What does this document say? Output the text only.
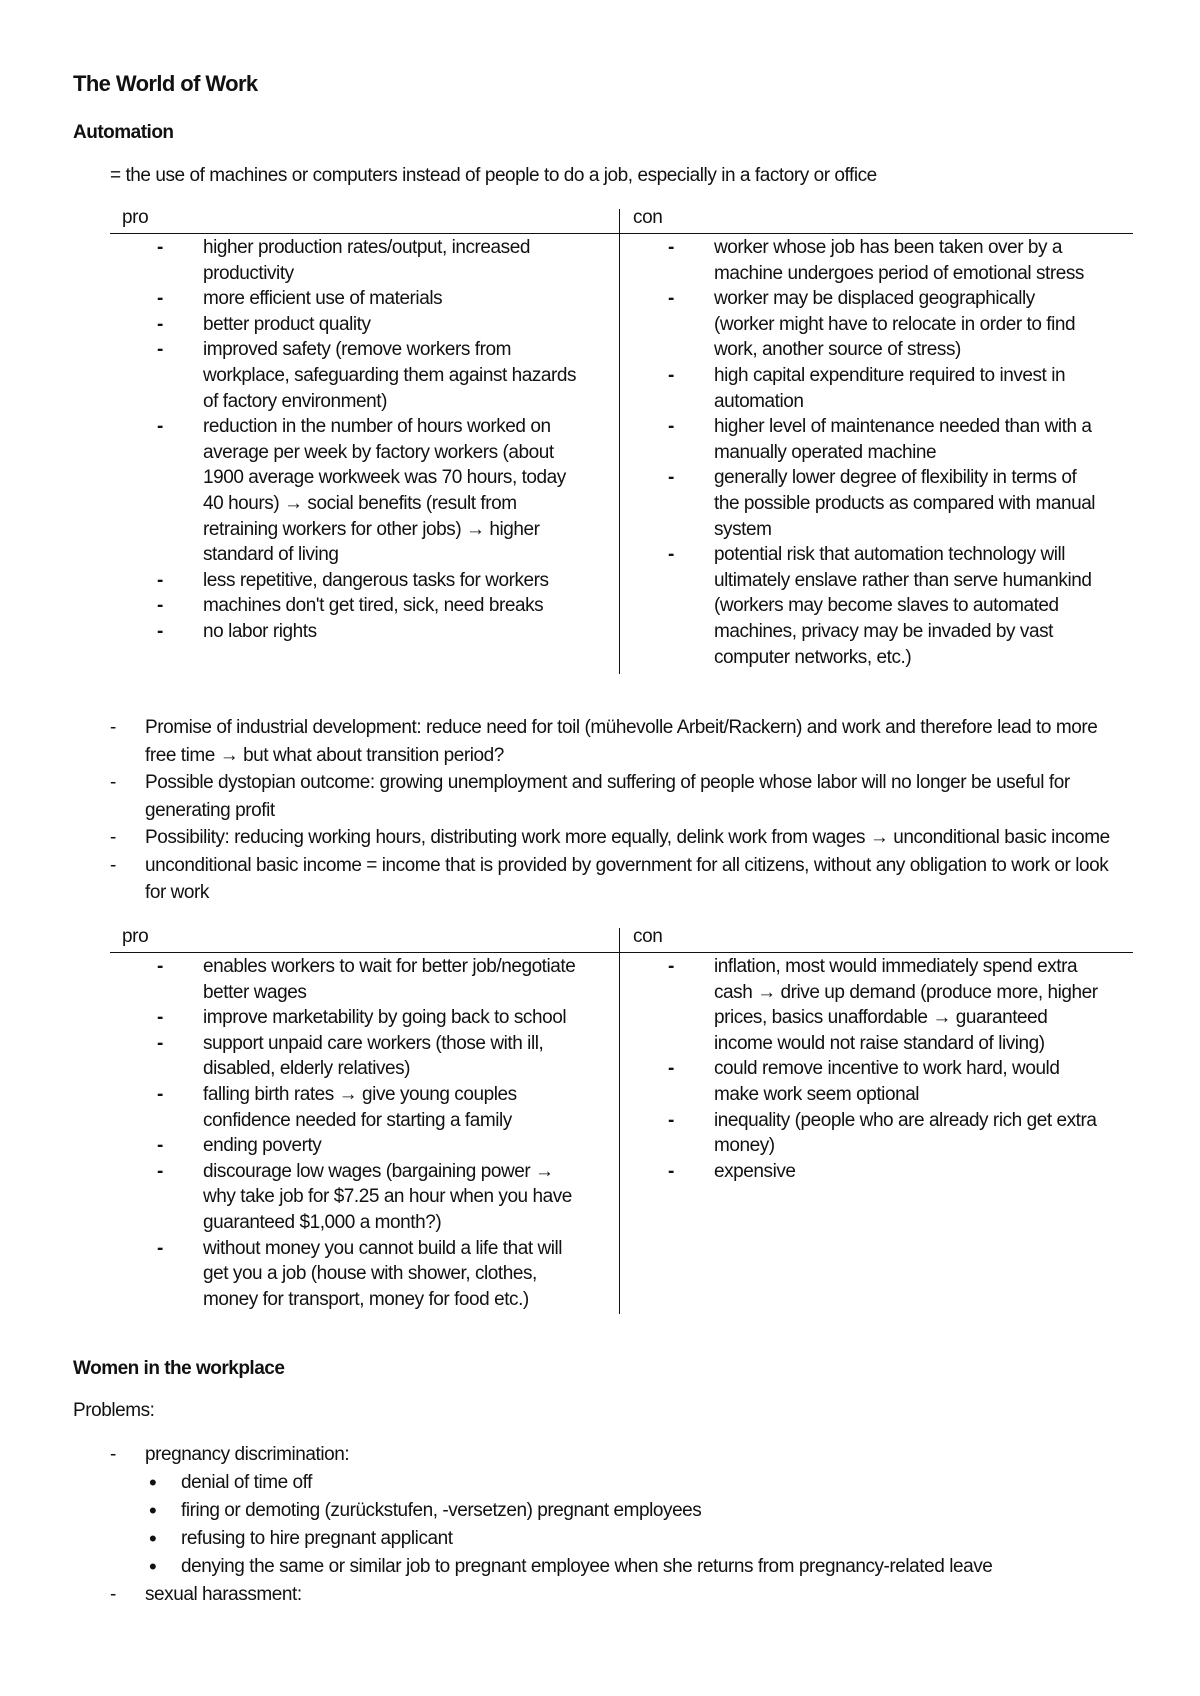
The World of Work
Automation
= the use of machines or computers instead of people to do a job, especially in a factory or office
pro	con
- higher production rates/output, increased productivity
- more efficient use of materials
- better product quality
- improved safety (remove workers from workplace, safeguarding them against hazards of factory environment)
- reduction in the number of hours worked on average per week by factory workers (about 1900 average workweek was 70 hours, today 40 hours) → social benefits (result from retraining workers for other jobs) → higher standard of living
- less repetitive, dangerous tasks for workers
- machines don't get tired, sick, need breaks
- no labor rights
- worker whose job has been taken over by a machine undergoes period of emotional stress
- worker may be displaced geographically (worker might have to relocate in order to find work, another source of stress)
- high capital expenditure required to invest in automation
- higher level of maintenance needed than with a manually operated machine
- generally lower degree of flexibility in terms of the possible products as compared with manual system
- potential risk that automation technology will ultimately enslave rather than serve humankind (workers may become slaves to automated machines, privacy may be invaded by vast computer networks, etc.)
- Promise of industrial development: reduce need for toil (mühevolle Arbeit/Rackern) and work and therefore lead to more free time → but what about transition period?
- Possible dystopian outcome: growing unemployment and suffering of people whose labor will no longer be useful for generating profit
- Possibility: reducing working hours, distributing work more equally, delink work from wages → unconditional basic income
- unconditional basic income = income that is provided by government for all citizens, without any obligation to work or look for work
pro	con
- enables workers to wait for better job/negotiate better wages
- improve marketability by going back to school
- support unpaid care workers (those with ill, disabled, elderly relatives)
- falling birth rates → give young couples confidence needed for starting a family
- ending poverty
- discourage low wages (bargaining power → why take job for $7.25 an hour when you have guaranteed $1,000 a month?)
- without money you cannot build a life that will get you a job (house with shower, clothes, money for transport, money for food etc.)
- inflation, most would immediately spend extra cash → drive up demand (produce more, higher prices, basics unaffordable → guaranteed income would not raise standard of living)
- could remove incentive to work hard, would make work seem optional
- inequality (people who are already rich get extra money)
- expensive
Women in the workplace
Problems:
- pregnancy discrimination:
• denial of time off
• firing or demoting (zurückstufen, -versetzen) pregnant employees
• refusing to hire pregnant applicant
• denying the same or similar job to pregnant employee when she returns from pregnancy-related leave
- sexual harassment:
